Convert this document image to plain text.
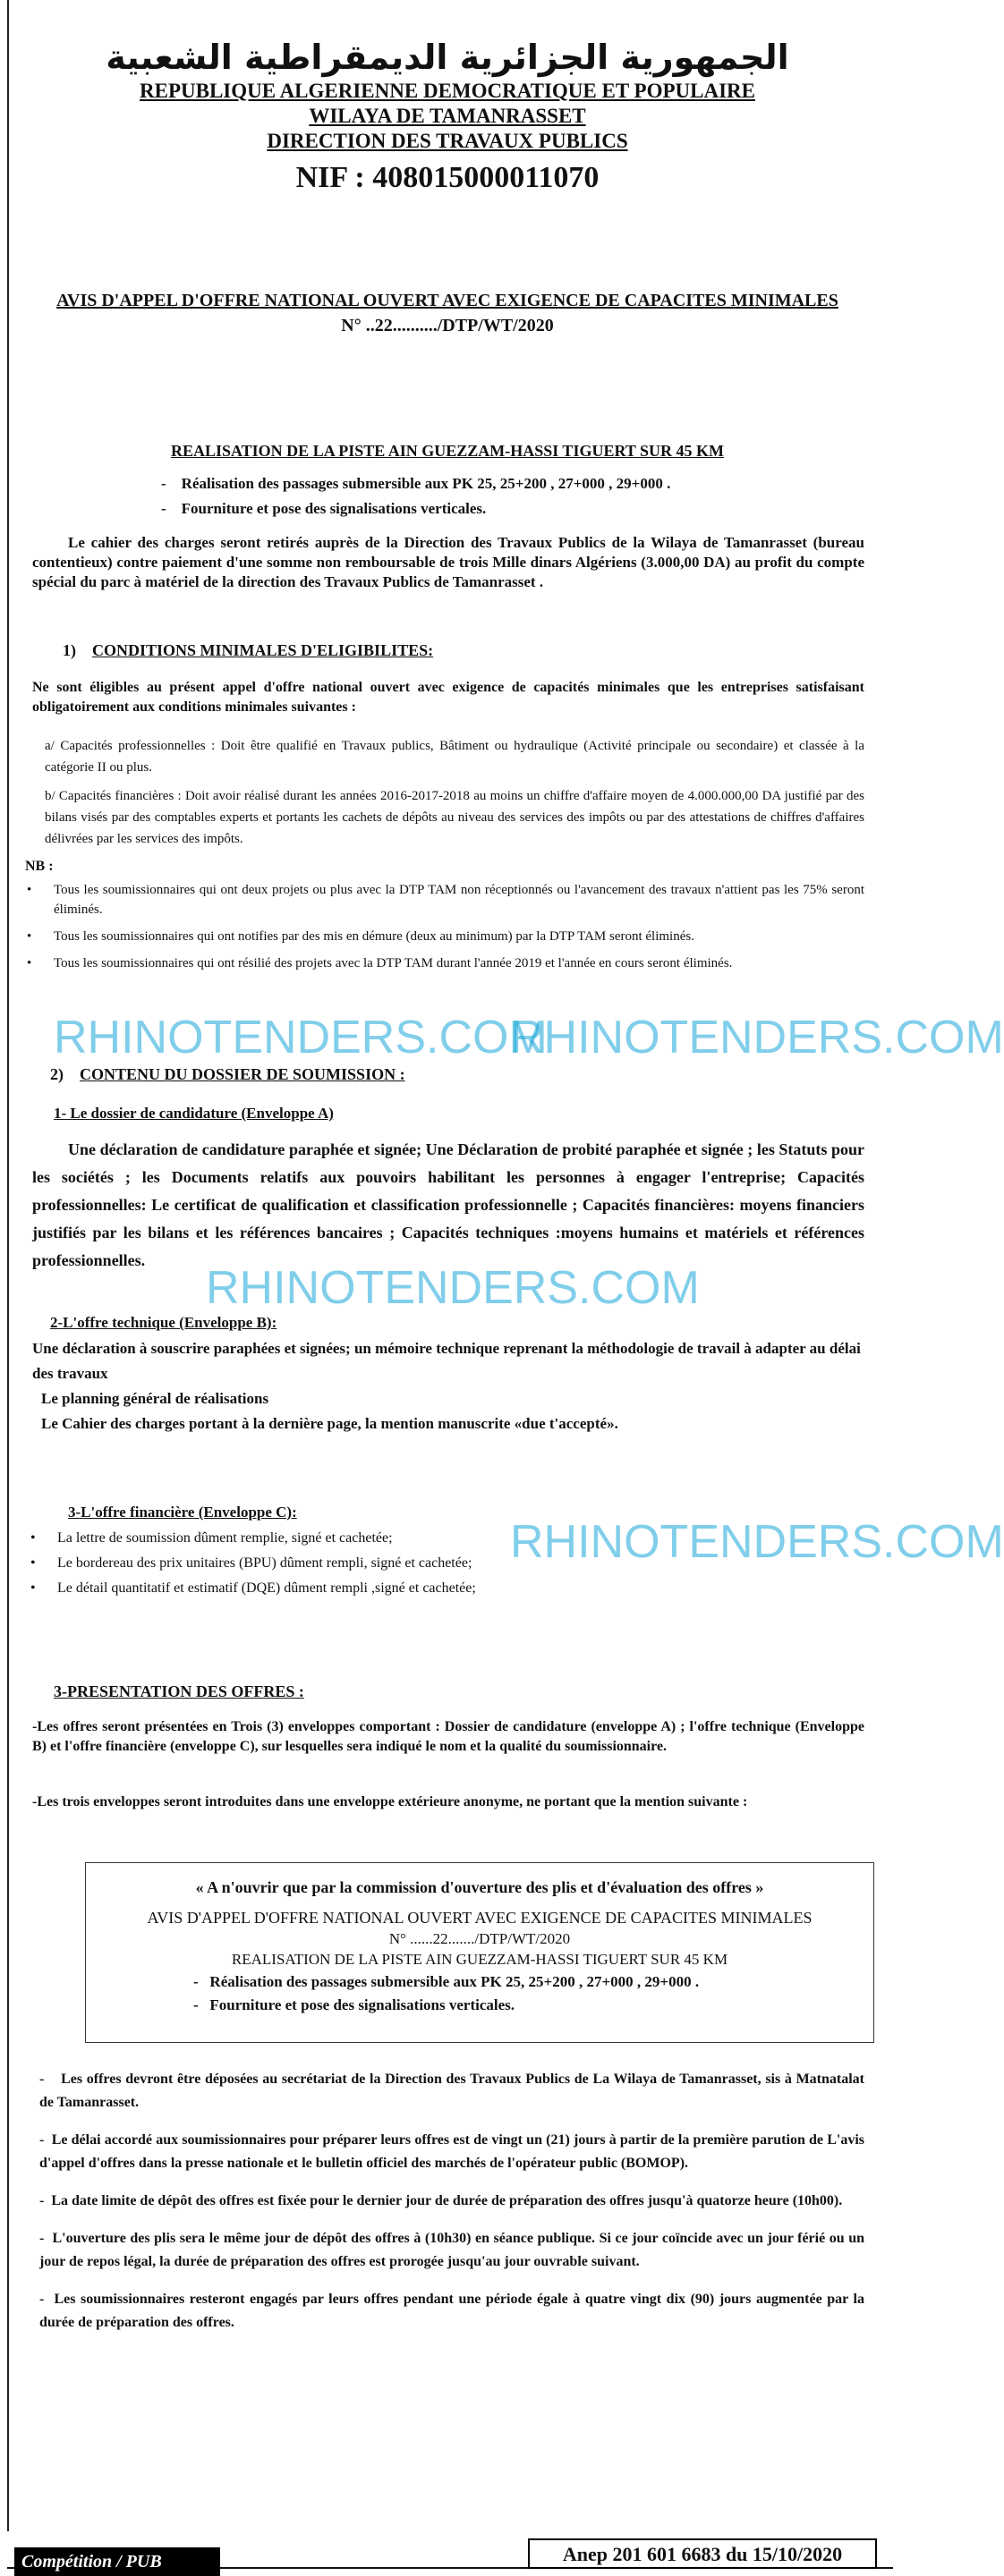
الجمهورية الجزائرية الديمقراطية الشعبية
REPUBLIQUE ALGERIENNE DEMOCRATIQUE ET POPULAIRE
WILAYA DE TAMANRASSET
DIRECTION DES TRAVAUX PUBLICS
NIF : 408015000011070
AVIS D'APPEL D'OFFRE NATIONAL OUVERT AVEC EXIGENCE DE CAPACITES MINIMALES
N° ..22........../DTP/WT/2020
REALISATION DE LA PISTE AIN GUEZZAM-HASSI TIGUERT SUR 45 KM
-    Réalisation des passages submersible aux PK 25, 25+200 , 27+000 , 29+000 .
-    Fourniture et pose des signalisations verticales.
Le cahier des charges seront retirés auprès de la Direction des Travaux Publics de la Wilaya de Tamanrasset (bureau contentieux) contre paiement d'une somme non remboursable de trois Mille dinars Algériens (3.000,00 DA) au profit du compte spécial du parc à matériel de la direction des Travaux Publics de Tamanrasset .
1) CONDITIONS MINIMALES D'ELIGIBILITES:
Ne sont éligibles au présent appel d'offre national ouvert avec exigence de capacités minimales que les entreprises satisfaisant obligatoirement aux conditions minimales suivantes :
a/ Capacités professionnelles : Doit être qualifié en Travaux publics, Bâtiment ou hydraulique (Activité principale ou secondaire) et classée à la catégorie II ou plus.
b/ Capacités financières : Doit avoir réalisé durant les années 2016-2017-2018 au moins un chiffre d'affaire moyen de 4.000.000,00 DA justifié par des bilans visés par des comptables experts et portants les cachets de dépôts au niveau des services des impôts ou par des attestations de chiffres d'affaires délivrées par les services des impôts.
NB :
• Tous les soumissionnaires qui ont deux projets ou plus avec la DTP TAM non réceptionnés ou l'avancement des travaux n'attient pas les 75% seront éliminés.
• Tous les soumissionnaires qui ont notifies par des mis en démure (deux au minimum) par la DTP TAM seront éliminés.
• Tous les soumissionnaires qui ont résilié des projets avec la DTP TAM durant l'année 2019 et l'année en cours seront éliminés.
RHINOTENDERS.COM
RHINOTENDERS.COM
2) CONTENU DU DOSSIER DE SOUMISSION :
1- Le dossier de candidature (Enveloppe A)
Une déclaration de candidature paraphée et signée; Une Déclaration de probité paraphée et signée ; les Statuts pour les sociétés ; les Documents relatifs aux pouvoirs habilitant les personnes à engager l'entreprise; Capacités professionnelles: Le certificat de qualification et classification professionnelle ; Capacités financières: moyens financiers justifiés par les bilans et les références bancaires ; Capacités techniques :moyens humains et matériels et références professionnelles.
RHINOTENDERS.COM
2-L'offre technique (Enveloppe B):
Une déclaration à souscrire paraphées et signées; un mémoire technique reprenant la méthodologie de travail à adapter au délai des travaux
Le planning général de réalisations
Le Cahier des charges portant à la dernière page, la mention manuscrite «due t'accepté».
3-L'offre financière (Enveloppe C):
• La lettre de soumission dûment remplie, signé et cachetée;
• Le bordereau des prix unitaires (BPU) dûment rempli, signé et cachetée;
• Le détail quantitatif et estimatif (DQE) dûment rempli ,signé et cachetée;
RHINOTENDERS.COM
3-PRESENTATION DES OFFRES :
-Les offres seront présentées en Trois (3) enveloppes comportant : Dossier de candidature (enveloppe A) ; l'offre technique (Enveloppe B) et l'offre financière (enveloppe C), sur lesquelles sera indiqué le nom et la qualité du soumissionnaire.
-Les trois enveloppes seront introduites dans une enveloppe extérieure anonyme, ne portant que la mention suivante :
« A n'ouvrir que par la commission d'ouverture des plis et d'évaluation des offres »
AVIS D'APPEL D'OFFRE NATIONAL OUVERT AVEC EXIGENCE DE CAPACITES MINIMALES
N° ......22......./DTP/WT/2020
REALISATION DE LA PISTE AIN GUEZZAM-HASSI TIGUERT SUR 45 KM
-   Réalisation des passages submersible aux PK 25, 25+200 , 27+000 , 29+000 .
-   Fourniture et pose des signalisations verticales.
-    Les offres devront être déposées au secrétariat de la Direction des Travaux Publics de La Wilaya de Tamanrasset, sis à Matnatalat de Tamanrasset.
-  Le délai accordé aux soumissionnaires pour préparer leurs offres est de vingt un (21) jours à partir de la première parution de L'avis d'appel d'offres dans la presse nationale et le bulletin officiel des marchés de l'opérateur public (BOMOP).
-  La date limite de dépôt des offres est fixée pour le dernier jour de durée de préparation des offres jusqu'à quatorze heure (10h00).
-  L'ouverture des plis sera le même jour de dépôt des offres à (10h30) en séance publique. Si ce jour coïncide avec un jour férié ou un jour de repos légal, la durée de préparation des offres est prorogée jusqu'au jour ouvrable suivant.
-  Les soumissionnaires resteront engagés par leurs offres pendant une période égale à quatre vingt dix (90) jours augmentée par la durée de préparation des offres.
Compétition / PUB	Anep 201 601 6683 du 15/10/2020
